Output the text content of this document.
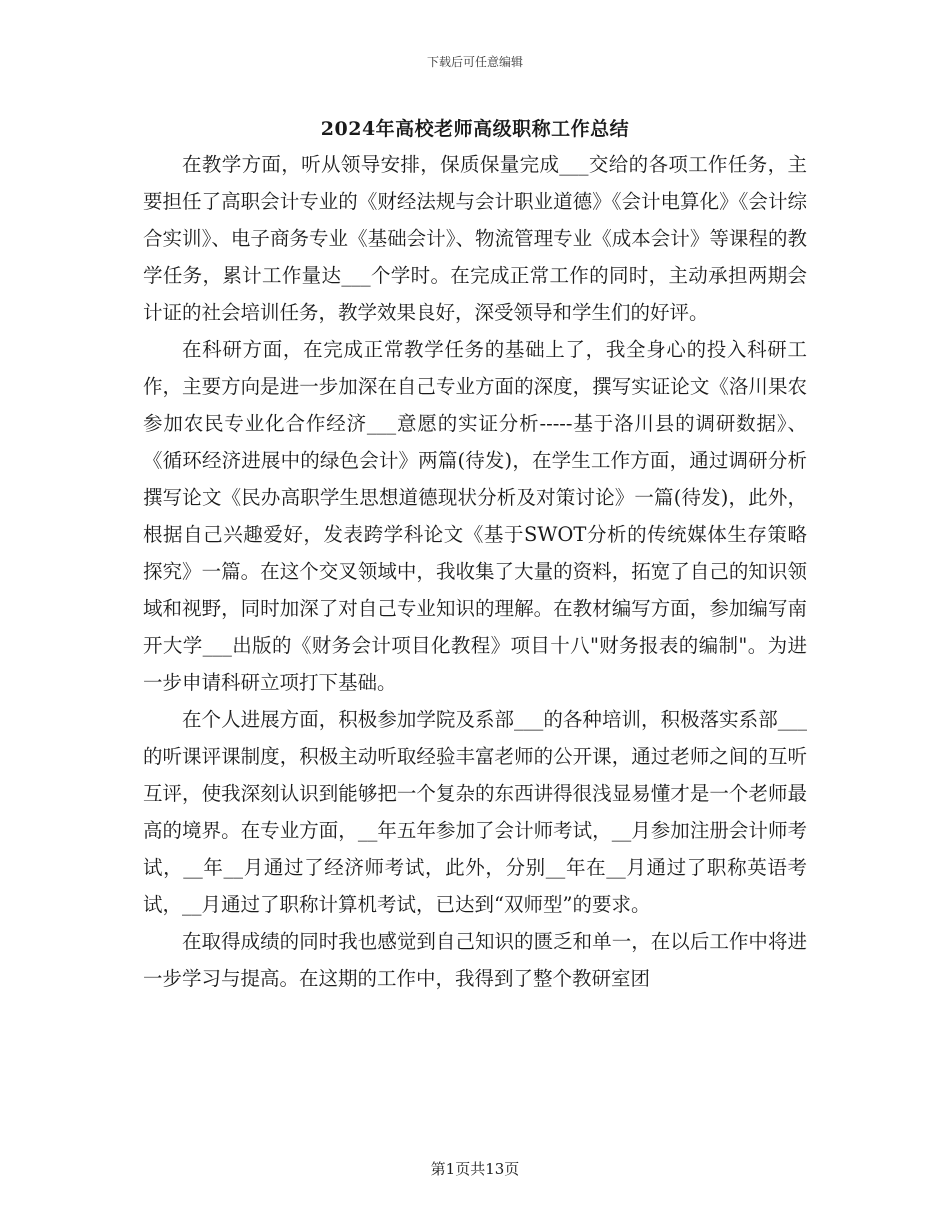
下载后可任意编辑
2024年高校老师高级职称工作总结

在教学方面，听从领导安排，保质保量完成___交给的各项工作任务，主要担任了高职会计专业的《财经法规与会计职业道德》《会计电算化》《会计综合实训》、电子商务专业《基础会计》、物流管理专业《成本会计》等课程的教学任务，累计工作量达___个学时。在完成正常工作的同时，主动承担两期会计证的社会培训任务，教学效果良好，深受领导和学生们的好评。

在科研方面，在完成正常教学任务的基础上了，我全身心的投入科研工作，主要方向是进一步加深在自己专业方面的深度，撰写实证论文《洛川果农参加农民专业化合作经济___意愿的实证分析-----基于洛川县的调研数据》、《循环经济进展中的绿色会计》两篇(待发)，在学生工作方面，通过调研分析撰写论文《民办高职学生思想道德现状分析及对策讨论》一篇(待发)，此外，根据自己兴趣爱好，发表跨学科论文《基于SWOT分析的传统媒体生存策略探究》一篇。在这个交叉领域中，我收集了大量的资料，拓宽了自己的知识领域和视野，同时加深了对自己专业知识的理解。在教材编写方面，参加编写南开大学___出版的《财务会计项目化教程》项目十八"财务报表的编制"。为进一步申请科研立项打下基础。

在个人进展方面，积极参加学院及系部___的各种培训，积极落实系部___的听课评课制度，积极主动听取经验丰富老师的公开课，通过老师之间的互听互评，使我深刻认识到能够把一个复杂的东西讲得很浅显易懂才是一个老师最高的境界。在专业方面，__年五年参加了会计师考试，__月参加注册会计师考试，__年__月通过了经济师考试，此外，分别__年在__月通过了职称英语考试，__月通过了职称计算机考试，已达到“双师型”的要求。

在取得成绩的同时我也感觉到自己知识的匮乏和单一，在以后工作中将进一步学习与提高。在这期的工作中，我得到了整个教研室团

第1页共13页
